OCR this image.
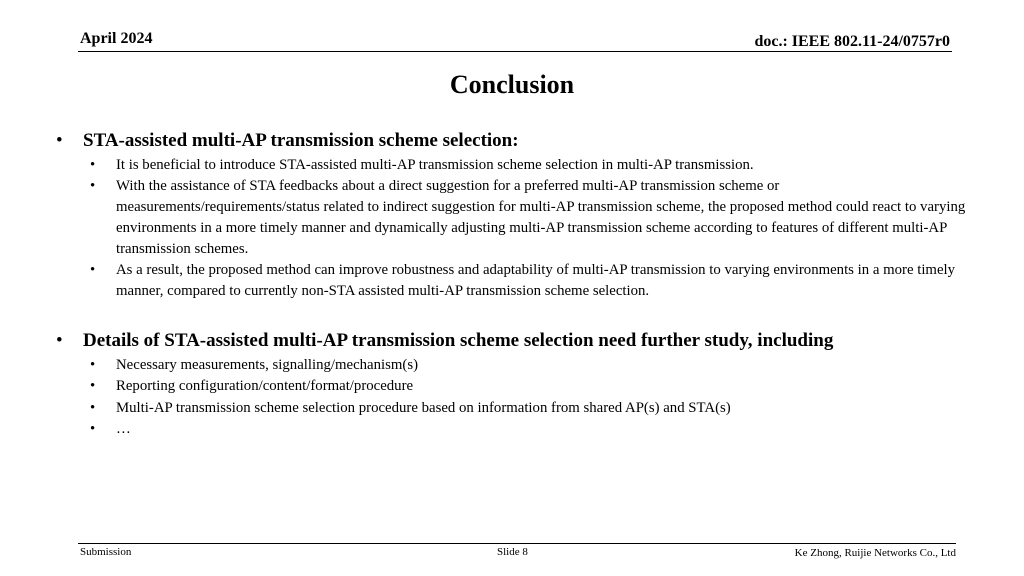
April 2024	doc.: IEEE 802.11-24/0757r0
Conclusion
• STA-assisted multi-AP transmission scheme selection:
• It is beneficial to introduce STA-assisted multi-AP transmission scheme selection in multi-AP transmission.
• With the assistance of STA feedbacks about a direct suggestion for a preferred multi-AP transmission scheme or measurements/requirements/status related to indirect suggestion for multi-AP transmission scheme, the proposed method could react to varying environments in a more timely manner and dynamically adjusting multi-AP transmission scheme according to features of different multi-AP transmission schemes.
• As a result, the proposed method can improve robustness and adaptability of multi-AP transmission to varying environments in a more timely manner, compared to currently non-STA assisted multi-AP transmission scheme selection.
• Details of STA-assisted multi-AP transmission scheme selection need further study, including
• Necessary measurements, signalling/mechanism(s)
• Reporting configuration/content/format/procedure
• Multi-AP transmission scheme selection procedure based on information from shared AP(s) and STA(s)
• …
Submission	Slide 8	Ke Zhong, Ruijie Networks Co., Ltd
